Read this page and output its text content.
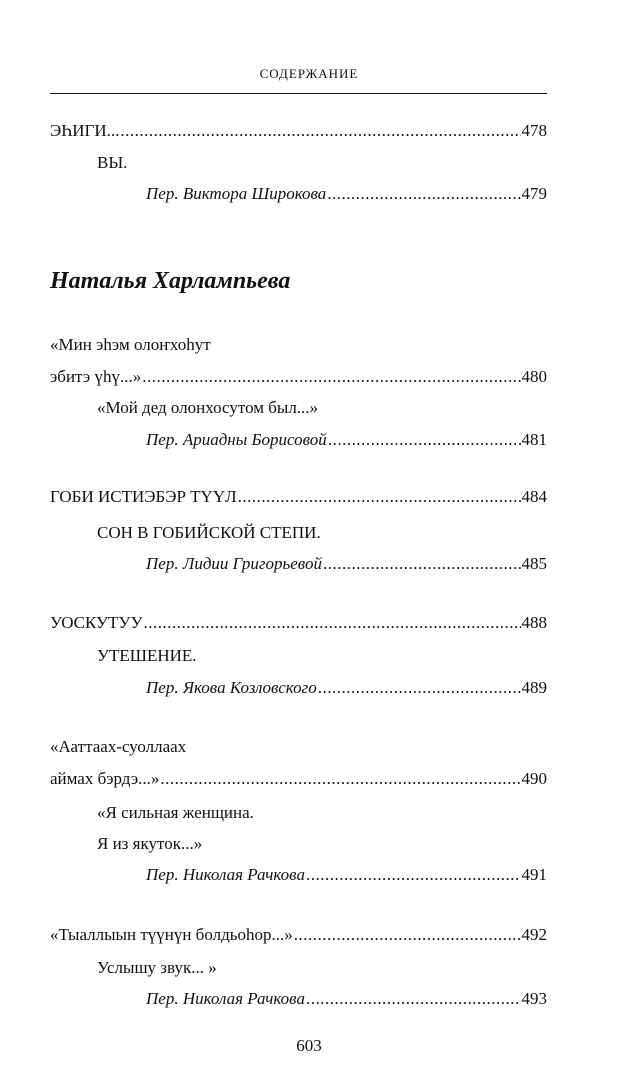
СОДЕРЖАНИЕ
ЭҺИГИ... .....	478
ВЫ.
Пер. Виктора Широкова .....	479
Наталья Харлампьева
«Мин эһэм олоҥхоһут
эбитэ үһү...» .....	480
«Мой дед олонхосутом был...»
Пер. Ариадны Борисовой .....	481
ГОБИ ИСТИЭБЭР ТҮҮЛ .....	484
СОН В ГОБИЙСКОЙ СТЕПИ.
Пер. Лидии Григорьевой .....	485
УОСКУТУУ .....	488
УТЕШЕНИЕ.
Пер. Якова Козловского .....	489
«Ааттаах-суоллаах
аймах бэрдэ...» .....	490
«Я сильная женщина.
Я из якуток...»
Пер. Николая Рачкова .....	491
«Тыаллыын түүнүн болдьоһор...» .....	492
Услышу звук... »
Пер. Николая Рачкова .....	493
603
